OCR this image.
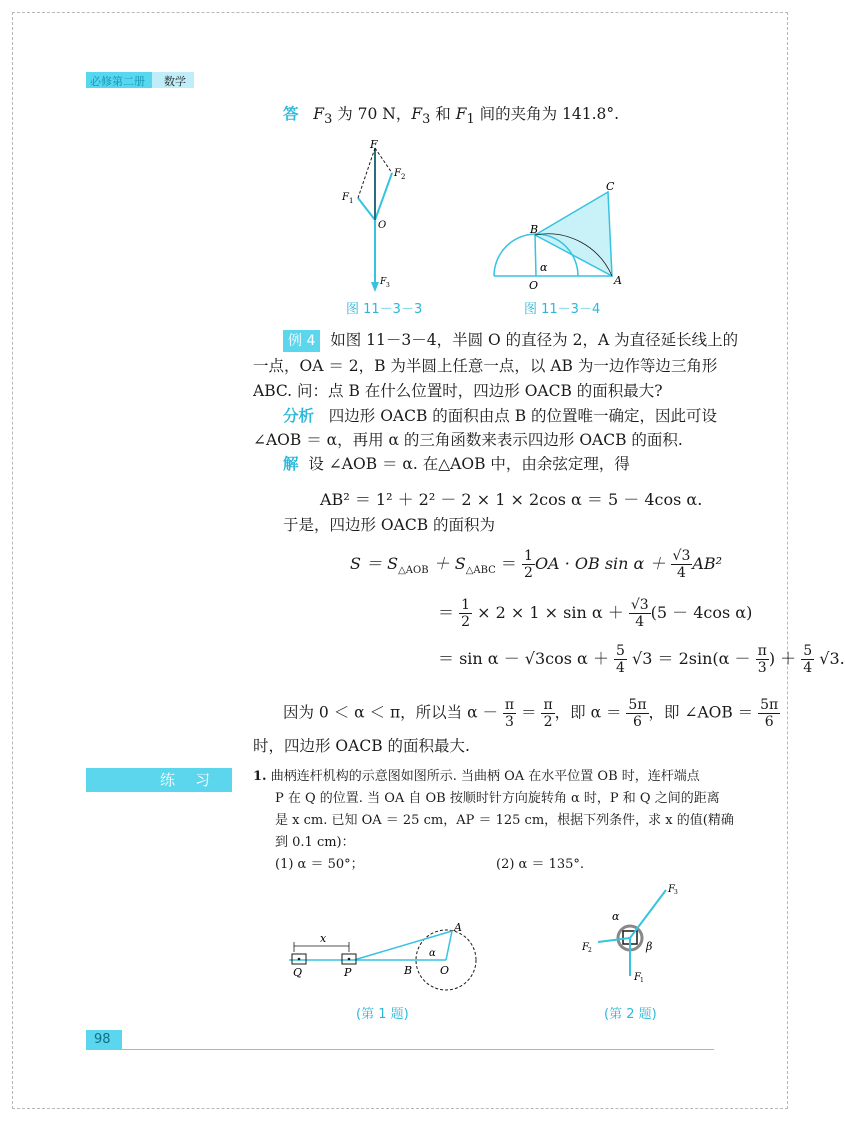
必修第二册 数学
答 $F_3$ 为 70 N，$F_3$ 和 $F_1$ 间的夹角为 141.8°.
F
F 1
F 2
O
F 3
图 11－3－3
C
B
A
O
α
图 11－3－4
例 4 如图 11－3－4，半圆 O 的直径为 2，A 为直径延长线上的
一点，OA ＝ 2，B 为半圆上任意一点，以 AB 为一边作等边三角形
ABC. 问：点 B 在什么位置时，四边形 OACB 的面积最大?
分析 四边形 OACB 的面积由点 B 的位置唯一确定，因此可设
∠AOB ＝ α，再用 α 的三角函数来表示四边形 OACB 的面积.
解 设 ∠AOB ＝ α. 在△AOB 中，由余弦定理，得
AB² ＝ 1² ＋ 2² － 2 × 1 × 2cos α ＝ 5 － 4cos α.
于是，四边形 OACB 的面积为
$S = S_{\triangle AOB} + S_{\triangle ABC} = \frac{1}{2}$ OA · OB $\sin \alpha + \frac{√3}{4} AB^2$
＝ $\frac{1}{2} \times 2 \times 1 \times \sin \alpha + \frac{√3}{4} (5 - 4\cos$ α)
＝ sin α － √3cos $\alpha + \frac{5}{4} √3 = 2\sin(\alpha - \frac{\pi}{3}$ ) ＋ $\frac{5}{4} √3$.
因为 0 ＜ α ＜ π，所以当 $\alpha - \frac{\pi}{3} = \frac{\pi}{2}$ ，即 $\alpha = \frac{5\pi}{6}$ ，即 ∠AOB ＝ $\frac{5\pi}{6}$
时，四边形 OACB 的面积最大.
练习 1. 曲柄连杆机构的示意图如图所示. 当曲柄 OA 在水平位置 OB 时，连杆端点
P 在 Q 的位置. 当 OA 自 OB 按顺时针方向旋转角 α 时，P 和 Q 之间的距离
是 x cm. 已知 OA ＝ 25 cm，AP ＝ 125 cm，根据下列条件，求 x 的值(精确
到 0.1 cm)：
(1) α ＝ 50°；	(2) α ＝ 135°.
x
A
α
Q	P	B	O
(第 1 题)
F 3
α
F 2	β
F 1
(第 2 题)
98
